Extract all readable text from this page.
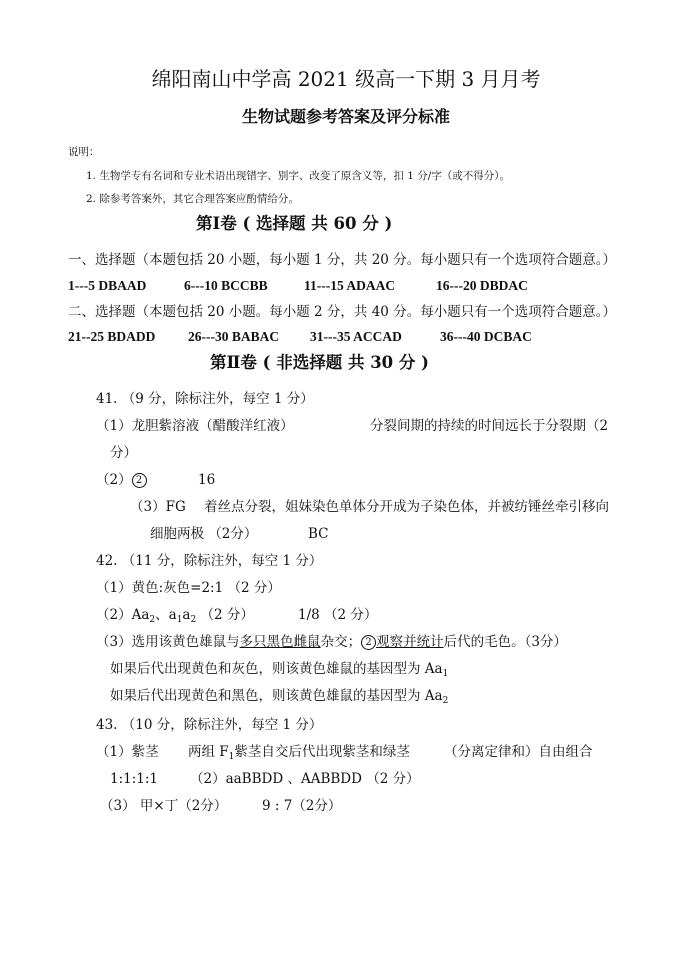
绵阳南山中学高 2021 级高一下期 3 月月考
生物试题参考答案及评分标准
说明：
1. 生物学专有名词和专业术语出现错字、别字、改变了原含义等，扣 1 分/字（或不得分）。
2. 除参考答案外，其它合理答案应酌情给分。
第Ⅰ卷 ( 选择题 共 60 分 )
一、选择题（本题包括 20 小题，每小题 1 分，共 20 分。每小题只有一个选项符合题意。）
1---5 DBAAD	6---10 BCCBB	11---15 ADAAC	16---20 DBDAC
二、选择题（本题包括 20 小题。每小题 2 分，共 40 分。每小题只有一个选项符合题意。）
21--25 BDADD 26---30 BABAC 31---35 ACCAD	36---40 DCBAC
第Ⅱ卷 ( 非选择题 共 30 分 )
41. （9 分，除标注外，每空 1 分）
（1）龙胆紫溶液（醋酸洋红液）	分裂间期的持续的时间远长于分裂期（2
分）
（2） 2	16
（3）FG 着丝点分裂，姐妹染色单体分开成为子染色体，并被纺锤丝牵引移向
细胞两极 （2分）	BC
42. （11 分，除标注外，每空 1 分）
（1）黄色:灰色=2:1 （2 分）
$(2)Aa_2$、$a_1a_2$ （2 分）	1/8 （2 分）
（3）选用该黄色雄鼠与多只黑色雌鼠杂交； 2 观察并统计后代的毛色。（3分）
如果后代出现黄色和灰色，则该黄色雄鼠的基因型为 $Aa_1$
如果后代出现黄色和黑色，则该黄色雄鼠的基因型为 $Aa_2$
43. （10 分，除标注外，每空 1 分）
（1）紫茎 两组 $F_1$紫茎自交后代出现紫茎和绿茎	（分离定律和）自由组合
1:1:1:1 （2）aaBBDD 、AABBDD （2 分）
（3） 甲×丁（2分）	9 : 7（2分）
